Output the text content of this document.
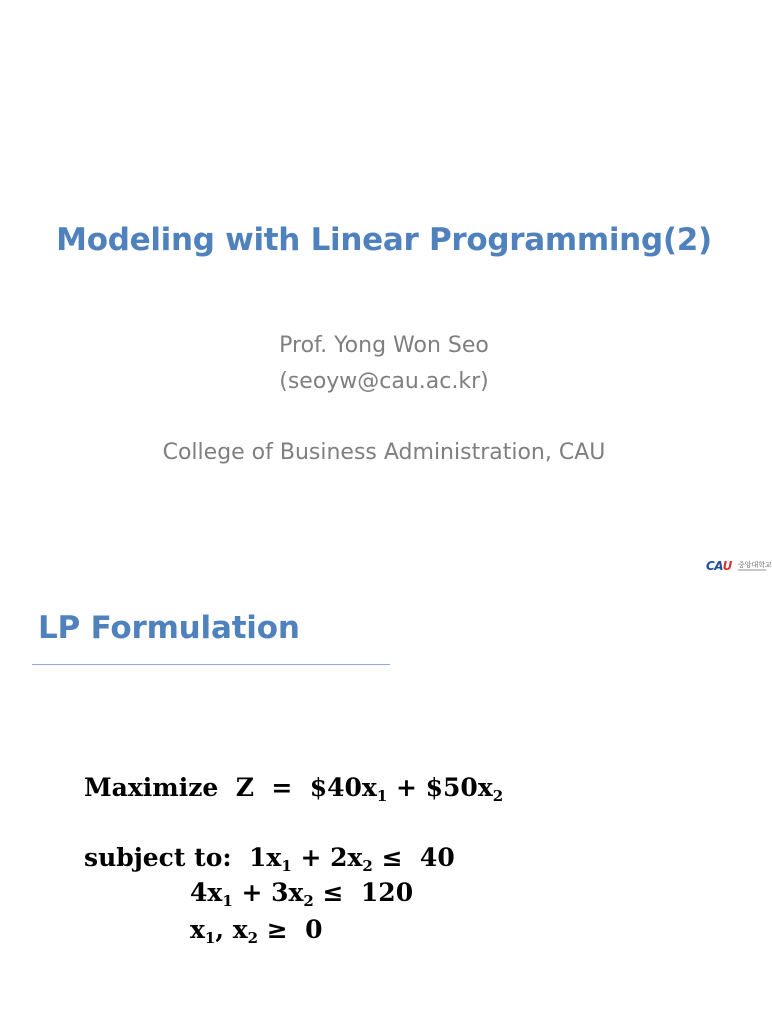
Modeling with Linear Programming(2)
Prof. Yong Won Seo
(seoyw@cau.ac.kr)
College of Business Administration, CAU
CAU 중앙대학교
LP Formulation
Maximize  $Z = \$40x_1$ + $\$50x_2$
subject to:  $1x_1 + 2x_2 \le 40$
$4x_1 + 3x_2 \le 120$
$x_1$, $x_2 \ge 0$
